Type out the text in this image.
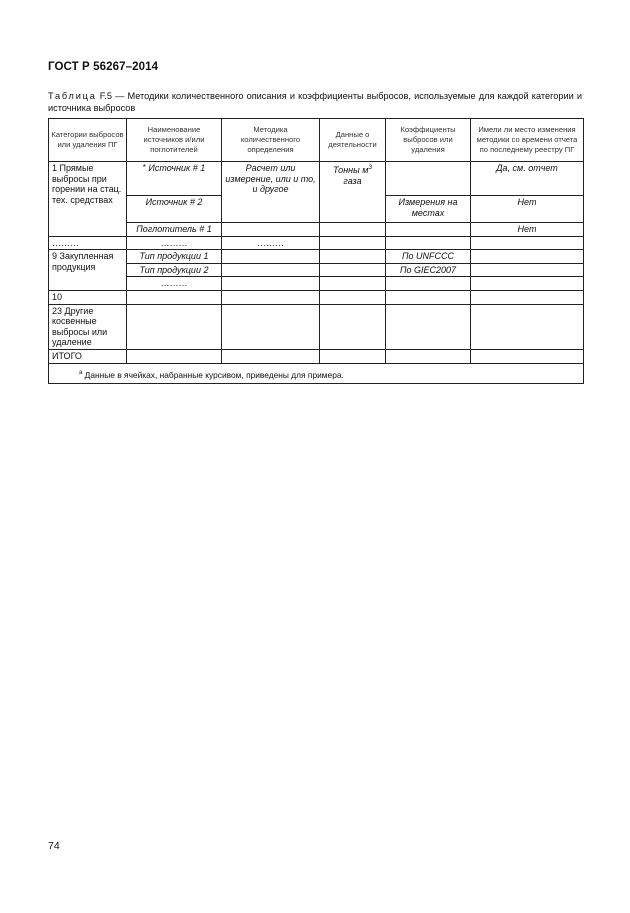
ГОСТ Р 56267–2014
Таблица F.5 — Методики количественного описания и коэффициенты выбросов, используемые для каждой категории и источника выбросов
Категории выбросов или удаления ПГ	Наименование источников и/или поглотителей	Методика количественного определения	Данные о деятельности	Коэффициенты выбросов или удаления	Имели ли место изменения методики со времени отчета по последнему реестру ПГ
1 Прямые выбросы при горении на стац. тех. средствах	* Источник # 1	Расчет или измерение, или и то, и другое	Тонны $м^3$ газа		Да, см. отчет
	Источник # 2			Измерения на местах	Нет
	Поглотитель # 1				Нет
………	………	………			
9 Закупленная продукция	Тип продукции 1			По UNFCCC	
	Тип продукции 2			По GIEC2007	
	………				
10					
23 Другие косвенные выбросы или удаление					
ИТОГО					
$^a$ Данные в ячейках, набранные курсивом, приведены для примера.					
74
